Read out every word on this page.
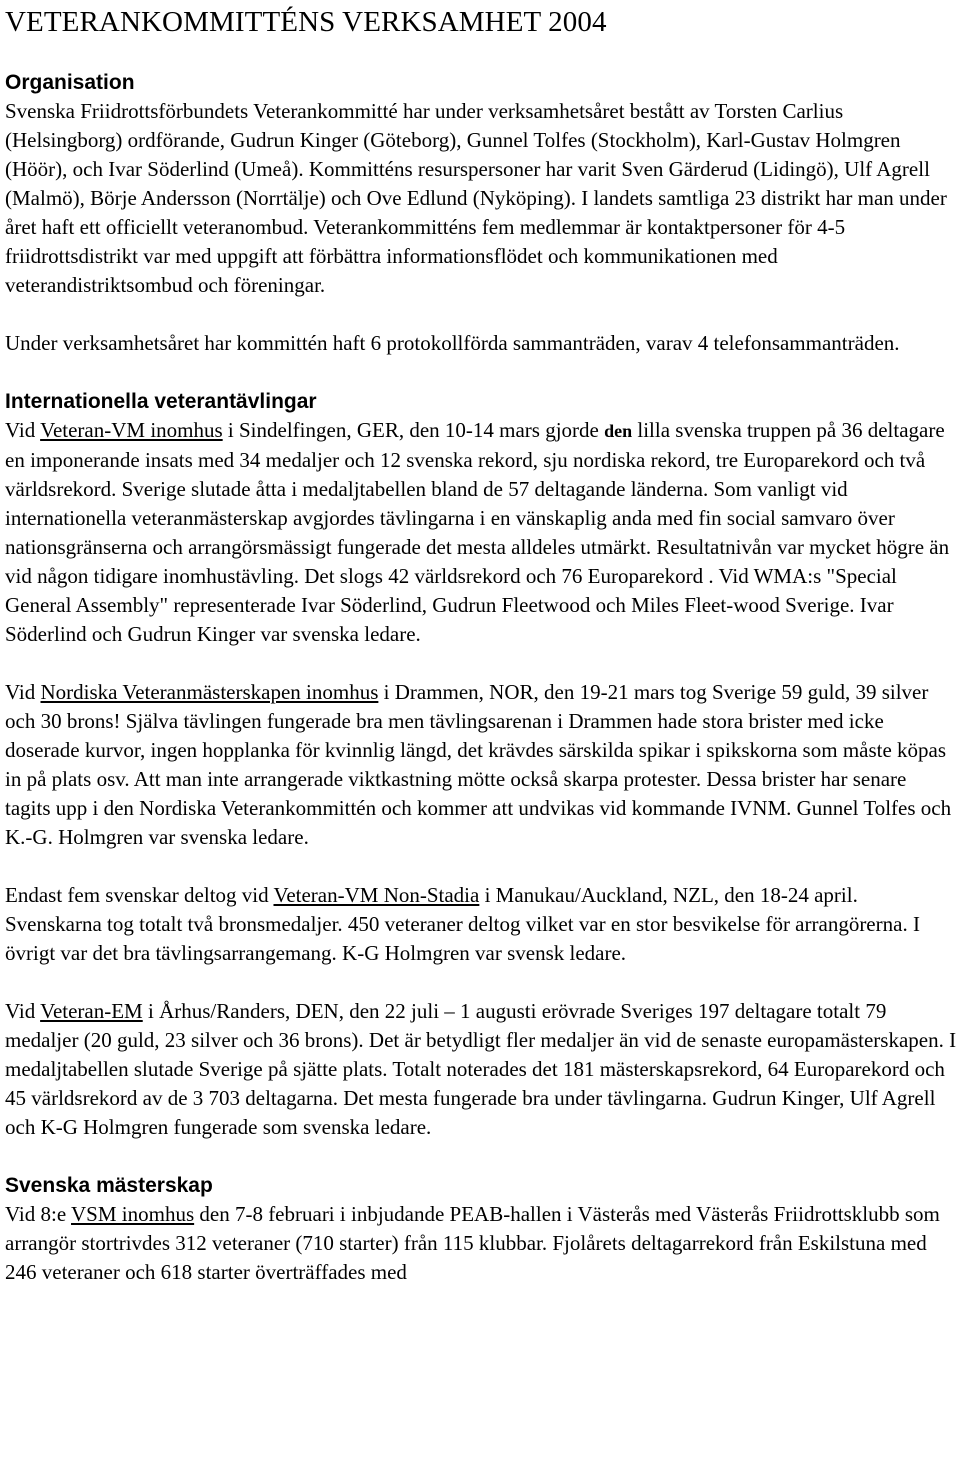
VETERANKOMMITTÉNS VERKSAMHET 2004
Organisation

Svenska Friidrottsförbundets Veterankommitté har under verksamhetsåret bestått av Torsten Carlius (Helsingborg) ordförande, Gudrun Kinger (Göteborg), Gunnel Tolfes (Stockholm), Karl-Gustav Holmgren (Höör), och Ivar Söderlind (Umeå). Kommitténs resurspersoner har varit Sven Gärderud (Lidingö), Ulf Agrell (Malmö), Börje Andersson (Norrtälje) och Ove Edlund (Nyköping). I landets samtliga 23 distrikt har man under året haft ett officiellt veteranombud. Veterankommitténs fem medlemmar är kontaktpersoner för 4-5 friidrottsdistrikt var med uppgift att förbättra informationsflödet och kommunikationen med veterandistriktsombud och föreningar.

Under verksamhetsåret har kommittén haft 6 protokollförda sammanträden, varav 4 telefonsammanträden.

Internationella veterantävlingar

Vid Veteran-VM inomhus i Sindelfingen, GER, den 10-14 mars gjorde den lilla svenska truppen på 36 deltagare en imponerande insats med 34 medaljer och 12 svenska rekord, sju nordiska rekord, tre Europarekord och två världsrekord. Sverige slutade åtta i medaljtabellen bland de 57 deltagande länderna. Som vanligt vid internationella veteranmästerskap avgjordes tävlingarna i en vänskaplig anda med fin social samvaro över nationsgränserna och arrangörsmässigt fungerade det mesta alldeles utmärkt. Resultatnivån var mycket högre än vid någon tidigare inomhustävling. Det slogs 42 världsrekord och 76 Europarekord . Vid WMA:s "Special General Assembly" representerade Ivar Söderlind, Gudrun Fleetwood och Miles Fleet-wood Sverige. Ivar Söderlind och Gudrun Kinger var svenska ledare.

Vid Nordiska Veteranmästerskapen inomhus i Drammen, NOR, den 19-21 mars tog Sverige 59 guld, 39 silver och 30 brons! Själva tävlingen fungerade bra men tävlingsarenan i Drammen hade stora brister med icke doserade kurvor, ingen hopplanka för kvinnlig längd, det krävdes särskilda spikar i spikskorna som måste köpas in på plats osv. Att man inte arrangerade viktkastning mötte också skarpa protester. Dessa brister har senare tagits upp i den Nordiska Veterankommittén och kommer att undvikas vid kommande IVNM. Gunnel Tolfes och K.-G. Holmgren var svenska ledare.

Endast fem svenskar deltog vid Veteran-VM Non-Stadia i Manukau/Auckland, NZL, den 18-24 april. Svenskarna tog totalt två bronsmedaljer. 450 veteraner deltog vilket var en stor besvikelse för arrangörerna. I övrigt var det bra tävlingsarrangemang. K-G Holmgren var svensk ledare.

Vid Veteran-EM i Århus/Randers, DEN, den 22 juli – 1 augusti erövrade Sveriges 197 deltagare totalt 79 medaljer (20 guld, 23 silver och 36 brons). Det är betydligt fler medaljer än vid de senaste europamästerskapen. I medaljtabellen slutade Sverige på sjätte plats. Totalt noterades det 181 mästerskapsrekord, 64 Europarekord och 45 världsrekord av de 3 703 deltagarna. Det mesta fungerade bra under tävlingarna. Gudrun Kinger, Ulf Agrell och K-G Holmgren fungerade som svenska ledare.

Svenska mästerskap

Vid 8:e VSM inomhus den 7-8 februari i inbjudande PEAB-hallen i Västerås med Västerås Friidrottsklubb som arrangör stortrivdes 312 veteraner (710 starter) från 115 klubbar. Fjolårets deltagarrekord från Eskilstuna med 246 veteraner och 618 starter överträffades med
